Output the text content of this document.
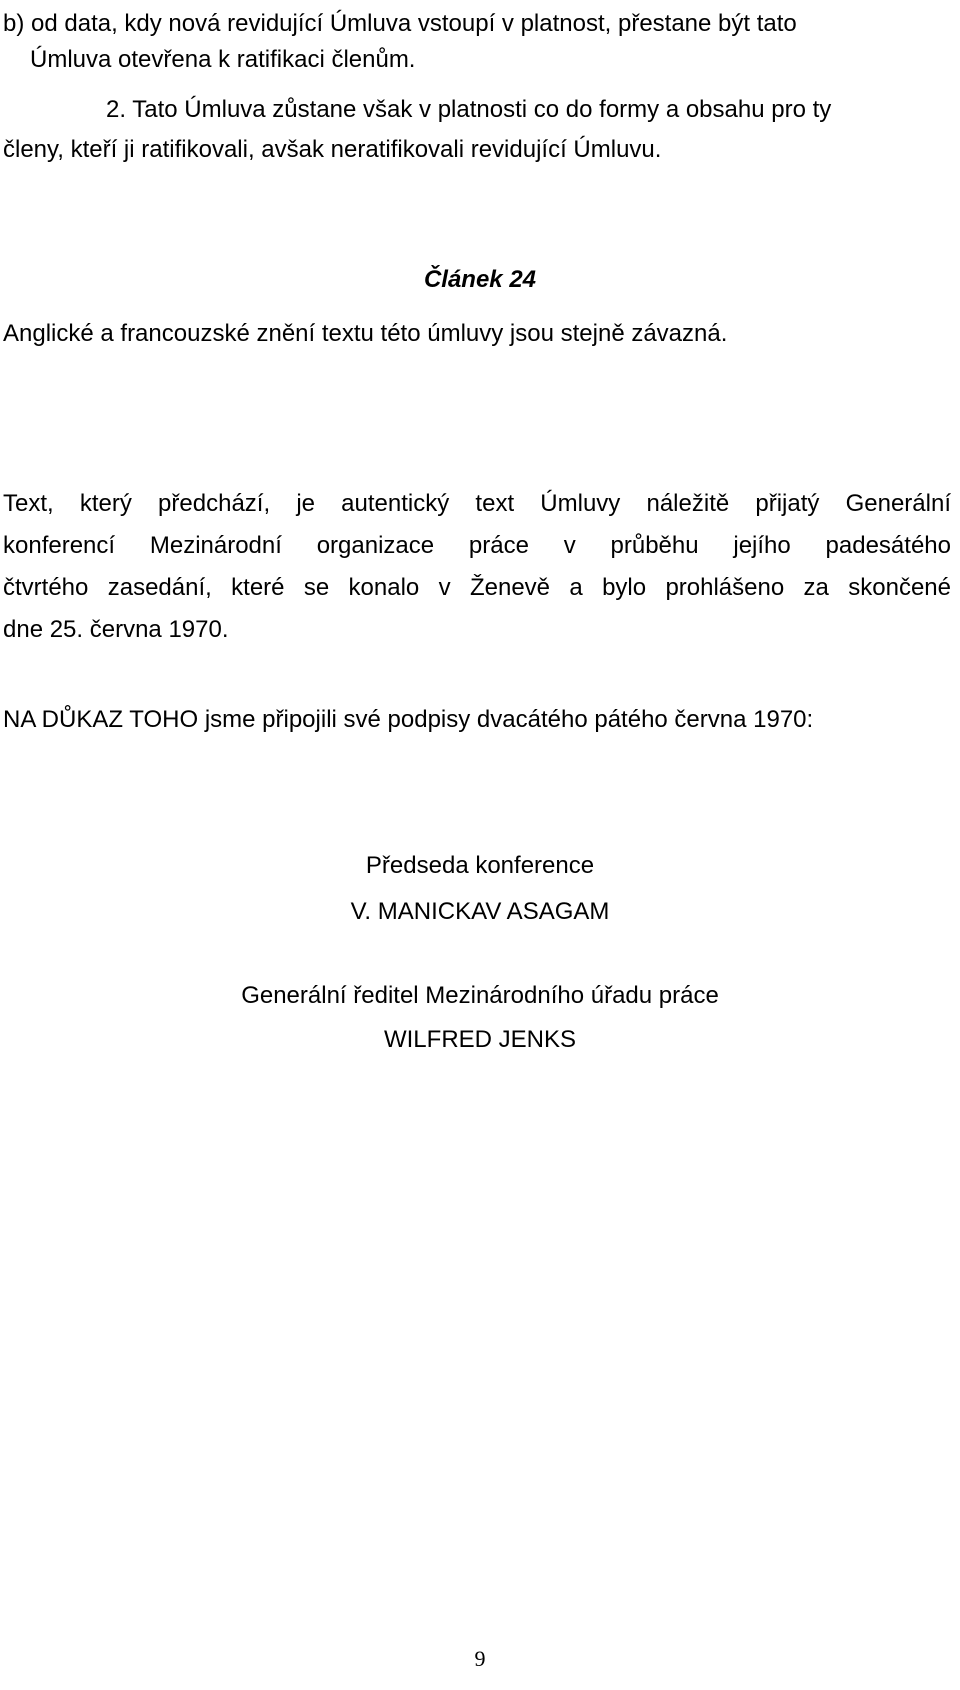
b) od data, kdy nová revidující Úmluva vstoupí v platnost, přestane být tato
Úmluva otevřena k ratifikaci členům.
2. Tato Úmluva zůstane však v platnosti co do formy a obsahu pro ty
členy, kteří ji ratifikovali, avšak neratifikovali revidující Úmluvu.
Článek 24
Anglické a francouzské znění textu této úmluvy jsou stejně závazná.
Text, který předchází, je autentický text Úmluvy náležitě přijatý Generální
konferencí Mezinárodní organizace práce v průběhu jejího padesátého
čtvrtého zasedání, které se konalo v Ženevě a bylo prohlášeno za skončené
dne 25. června 1970.
NA DŮKAZ TOHO jsme připojili své podpisy dvacátého pátého června 1970:
Předseda konference
V. MANICKAV ASAGAM
Generální ředitel Mezinárodního úřadu práce
WILFRED JENKS
9
